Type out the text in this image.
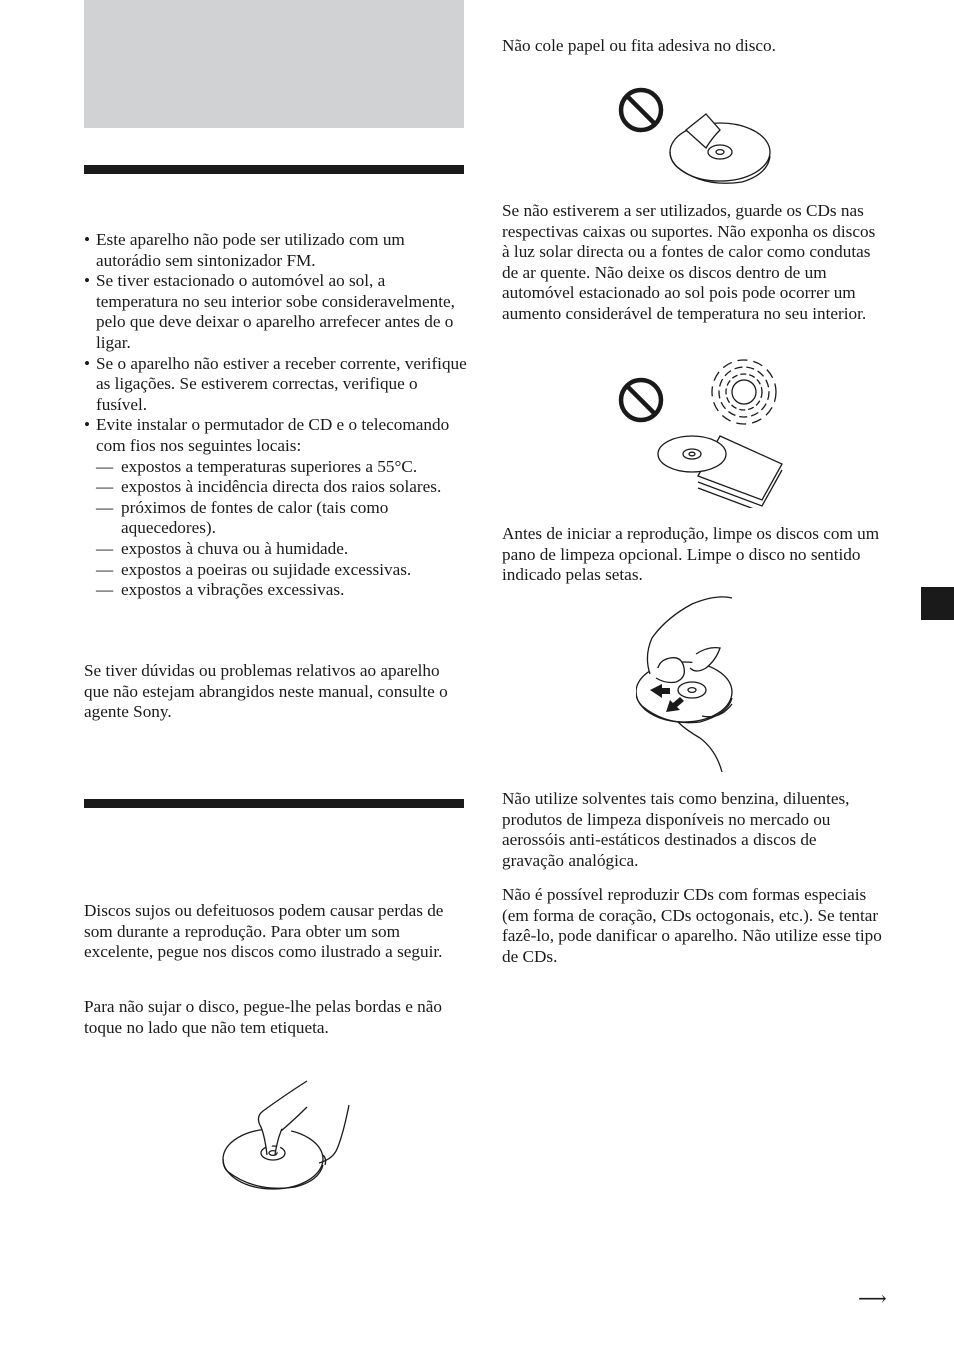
• Este aparelho não pode ser utilizado com um autorádio sem sintonizador FM.
• Se tiver estacionado o automóvel ao sol, a temperatura no seu interior sobe consideravelmente, pelo que deve deixar o aparelho arrefecer antes de o ligar.
• Se o aparelho não estiver a receber corrente, verifique as ligações. Se estiverem correctas, verifique o fusível.
• Evite instalar o permutador de CD e o telecomando com fios nos seguintes locais:
— expostos a temperaturas superiores a 55°C.
— expostos à incidência directa dos raios solares.
— próximos de fontes de calor (tais como aquecedores).
— expostos à chuva ou à humidade.
— expostos a poeiras ou sujidade excessivas.
— expostos a vibrações excessivas.

Se tiver dúvidas ou problemas relativos ao aparelho que não estejam abrangidos neste manual, consulte o agente Sony.

Discos sujos ou defeituosos podem causar perdas de som durante a reprodução. Para obter um som excelente, pegue nos discos como ilustrado a seguir.

Para não sujar o disco, pegue-lhe pelas bordas e não toque no lado que não tem etiqueta.

Não cole papel ou fita adesiva no disco.

Se não estiverem a ser utilizados, guarde os CDs nas respectivas caixas ou suportes. Não exponha os discos à luz solar directa ou a fontes de calor como condutas de ar quente. Não deixe os discos dentro de um automóvel estacionado ao sol pois pode ocorrer um aumento considerável de temperatura no seu interior.

Antes de iniciar a reprodução, limpe os discos com um pano de limpeza opcional. Limpe o disco no sentido indicado pelas setas.

Não utilize solventes tais como benzina, diluentes, produtos de limpeza disponíveis no mercado ou aerossóis anti-estáticos destinados a discos de gravação analógica.

Não é possível reproduzir CDs com formas especiais (em forma de coração, CDs octogonais, etc.). Se tentar fazê-lo, pode danificar o aparelho. Não utilize esse tipo de CDs.

⟶
